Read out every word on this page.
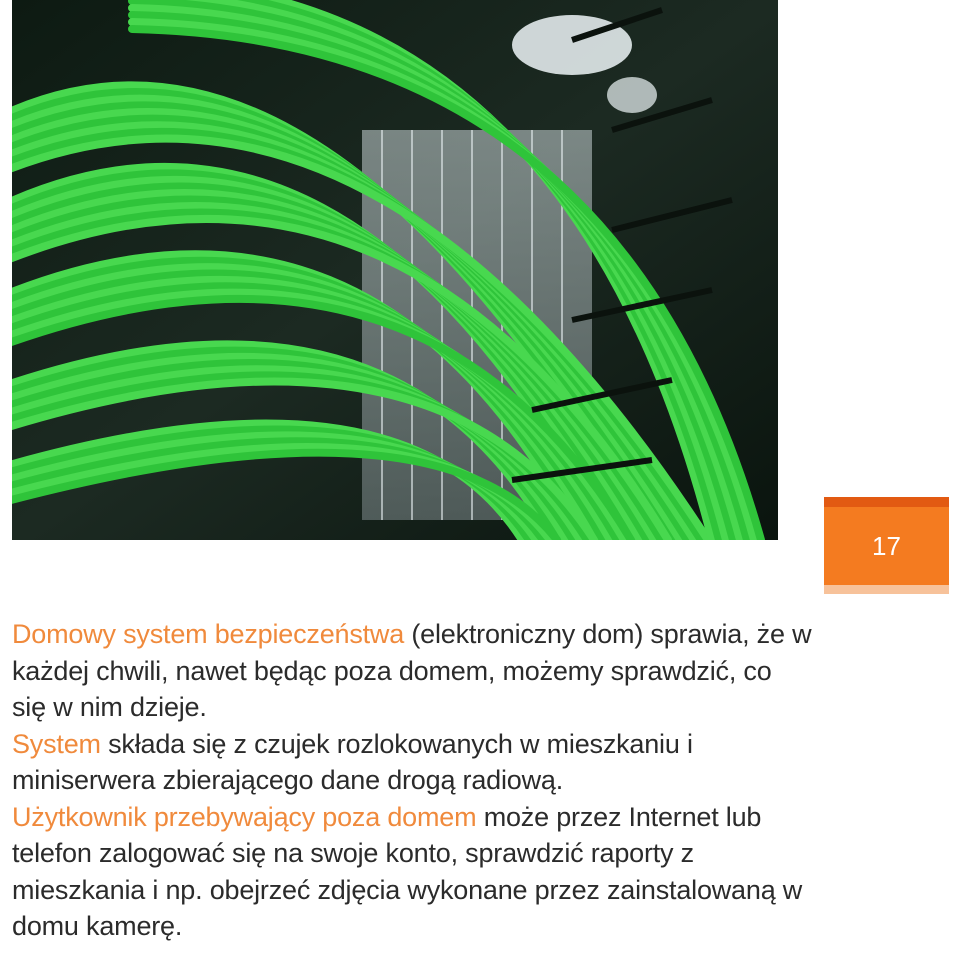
17

Domowy system bezpieczeństwa (elektroniczny dom) sprawia, że w każdej chwili, nawet będąc poza domem, możemy sprawdzić, co się w nim dzieje.

System składa się z czujek rozlokowanych w mieszkaniu i miniserwera zbierającego dane drogą radiową.

Użytkownik przebywający poza domem może przez Internet lub telefon zalogować się na swoje konto, sprawdzić raporty z mieszkania i np. obejrzeć zdjęcia wykonane przez zainstalowaną w domu kamerę.
